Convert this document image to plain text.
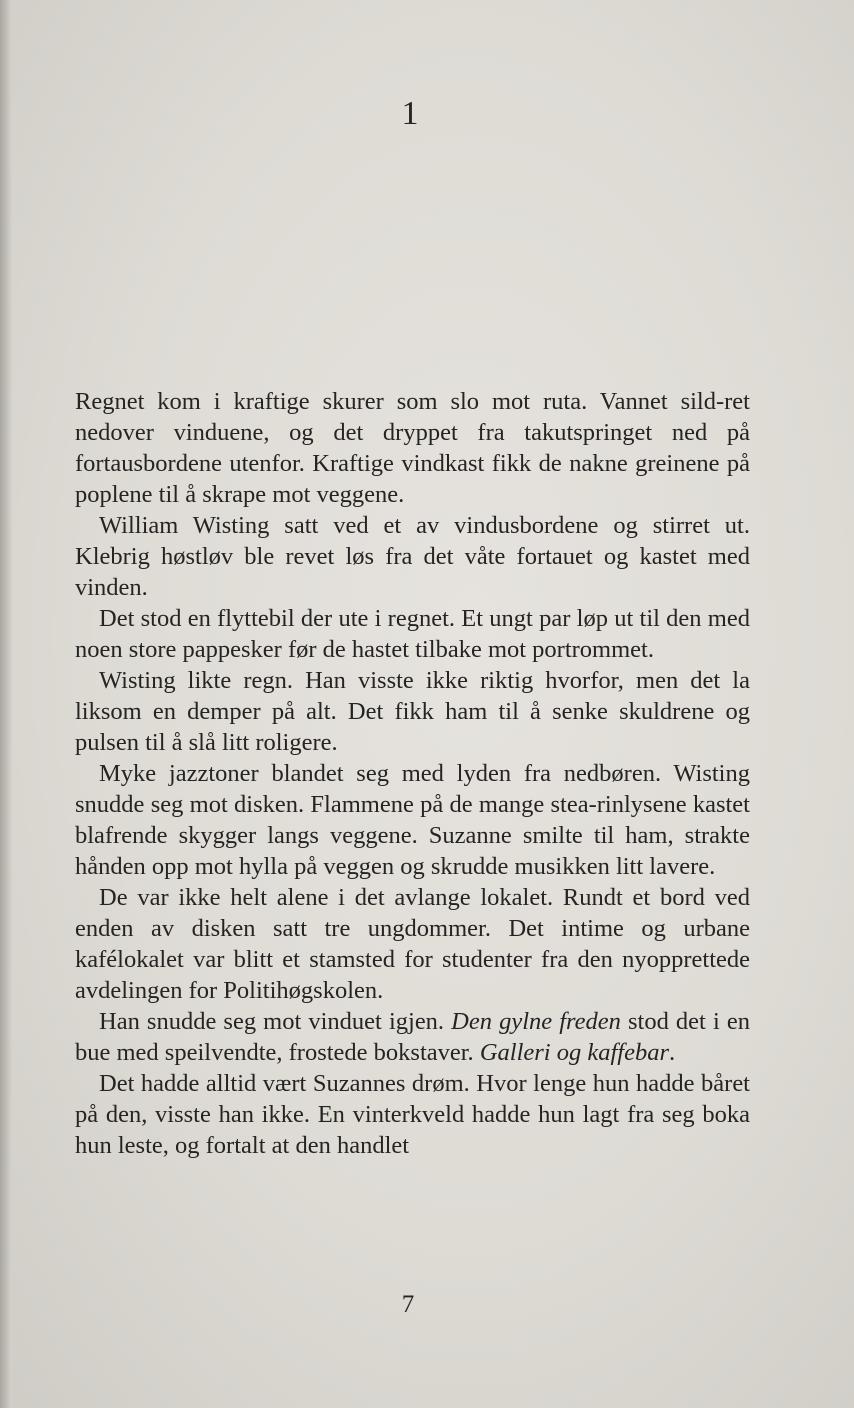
1

Regnet kom i kraftige skurer som slo mot ruta. Vannet sild-ret nedover vinduene, og det dryppet fra takutspringet ned på fortausbordene utenfor. Kraftige vindkast fikk de nakne greinene på poplene til å skrape mot veggene.

William Wisting satt ved et av vindusbordene og stirret ut. Klebrig høstløv ble revet løs fra det våte fortauet og kastet med vinden.

Det stod en flyttebil der ute i regnet. Et ungt par løp ut til den med noen store pappesker før de hastet tilbake mot portrommet.

Wisting likte regn. Han visste ikke riktig hvorfor, men det la liksom en demper på alt. Det fikk ham til å senke skuldrene og pulsen til å slå litt roligere.

Myke jazztoner blandet seg med lyden fra nedbøren. Wisting snudde seg mot disken. Flammene på de mange stea-rinlysene kastet blafrende skygger langs veggene. Suzanne smilte til ham, strakte hånden opp mot hylla på veggen og skrudde musikken litt lavere.

De var ikke helt alene i det avlange lokalet. Rundt et bord ved enden av disken satt tre ungdommer. Det intime og urbane kafélokalet var blitt et stamsted for studenter fra den nyopprettede avdelingen for Politihøgskolen.

Han snudde seg mot vinduet igjen. Den gylne freden stod det i en bue med speilvendte, frostede bokstaver. Galleri og kaffebar.

Det hadde alltid vært Suzannes drøm. Hvor lenge hun hadde båret på den, visste han ikke. En vinterkveld hadde hun lagt fra seg boka hun leste, og fortalt at den handlet

7
